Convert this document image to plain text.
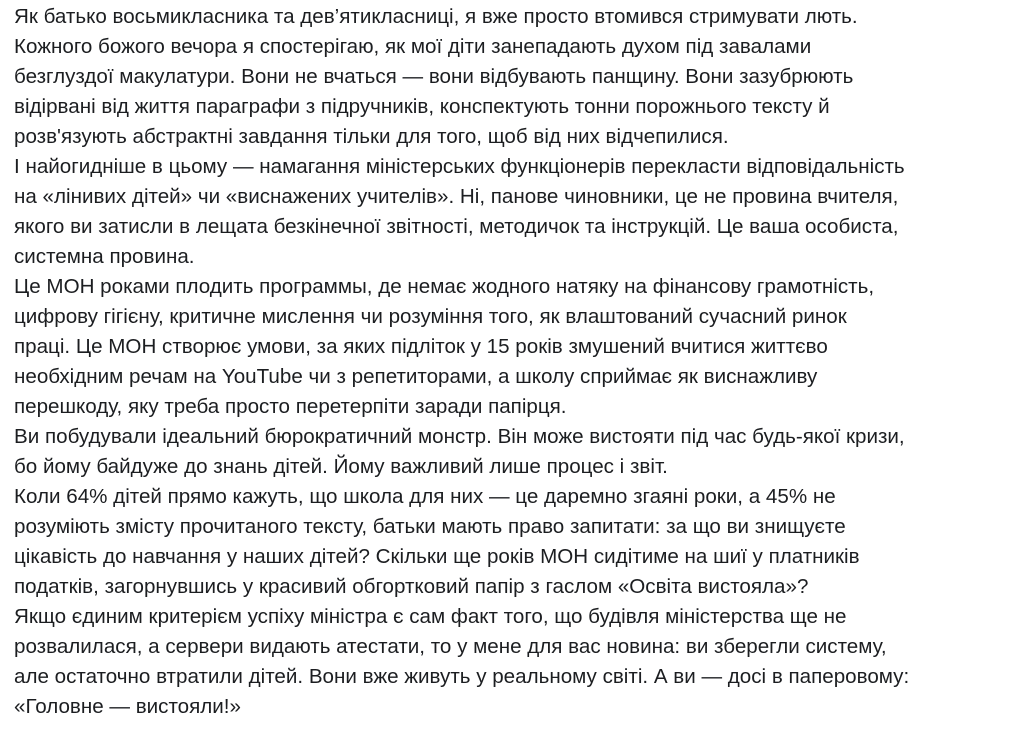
Як батько восьмикласника та дев’ятикласниці, я вже просто втомився стримувати лють.
Кожного божого вечора я спостерігаю, як мої діти занепадають духом під завалами
безглуздої макулатури. Вони не вчаться — вони відбувають панщину. Вони зазубрюють
відірвані від життя параграфи з підручників, конспектують тонни порожнього тексту й
розв'язують абстрактні завдання тільки для того, щоб від них відчепилися.
І найогидніше в цьому — намагання міністерських функціонерів перекласти відповідальність
на «лінивих дітей» чи «виснажених учителів». Ні, панове чиновники, це не провина вчителя,
якого ви затисли в лещата безкінечної звітності, методичок та інструкцій. Це ваша особиста,
системна провина.
Це МОН роками плодить программы, де немає жодного натяку на фінансову грамотність,
цифрову гігієну, критичне мислення чи розуміння того, як влаштований сучасний ринок
праці. Це МОН створює умови, за яких підліток у 15 років змушений вчитися життєво
необхідним речам на YouTube чи з репетиторами, а школу сприймає як виснажливу
перешкоду, яку треба просто перетерпіти заради папірця.
Ви побудували ідеальний бюрократичний монстр. Він може вистояти під час будь-якої кризи,
бо йому байдуже до знань дітей. Йому важливий лише процес і звіт.
Коли 64% дітей прямо кажуть, що школа для них — це даремно згаяні роки, а 45% не
розуміють змісту прочитаного тексту, батьки мають право запитати: за що ви знищуєте
цікавість до навчання у наших дітей? Скільки ще років МОН сидітиме на шиї у платників
податків, загорнувшись у красивий обгортковий папір з гаслом «Освіта вистояла»?
Якщо єдиним критерієм успіху міністра є сам факт того, що будівля міністерства ще не
розвалилася, а сервери видають атестати, то у мене для вас новина: ви зберегли систему,
але остаточно втратили дітей. Вони вже живуть у реальному світі. А ви — досі в паперовому:
«Головне — вистояли!»
